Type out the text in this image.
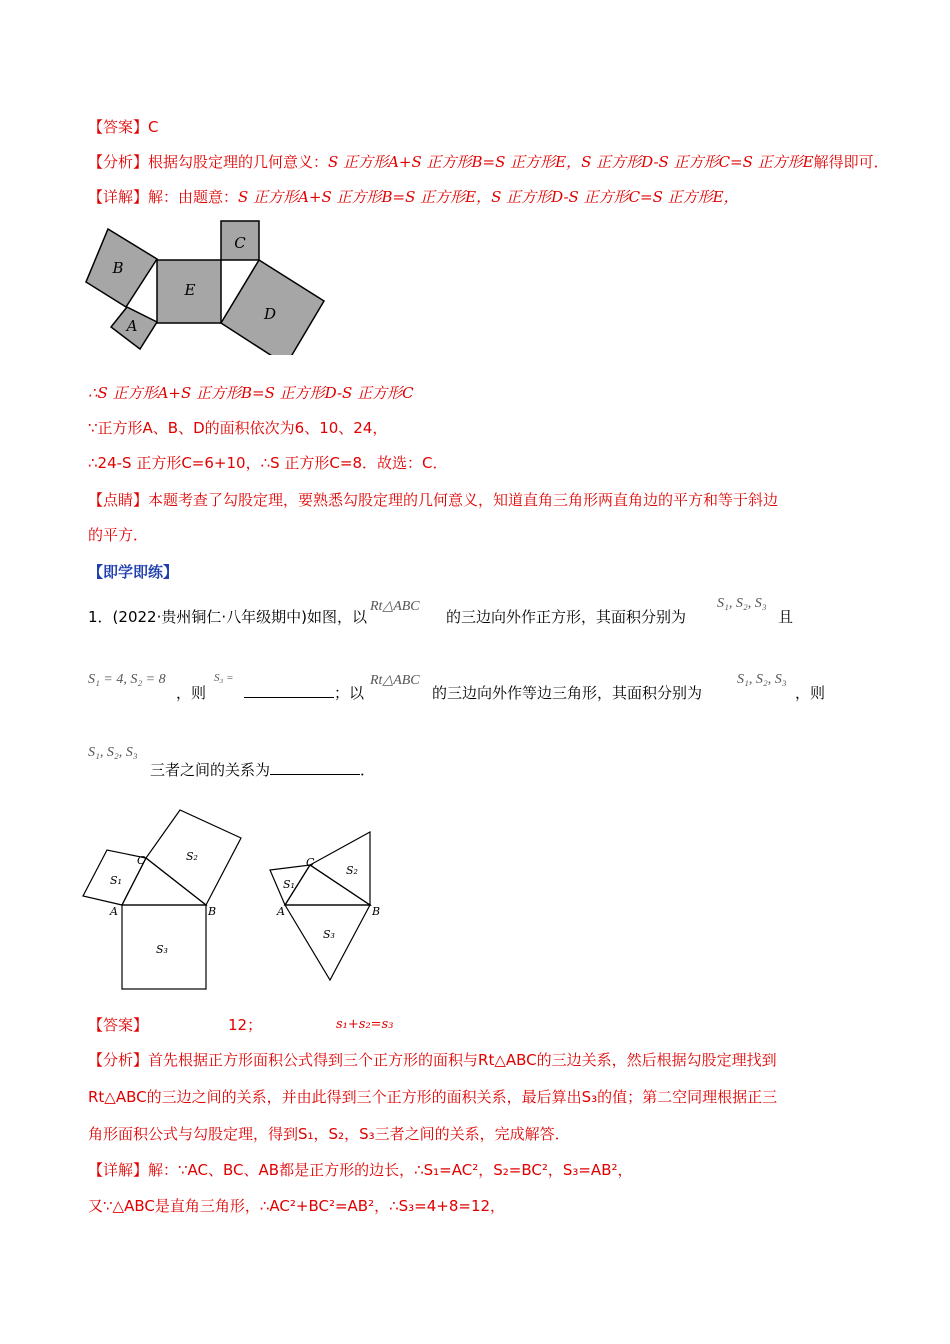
【答案】C
【分析】根据勾股定理的几何意义：S 正方形A+S 正方形B=S 正方形E，S 正方形D-S 正方形C=S 正方形E解得即可．
【详解】解：由题意：S 正方形A+S 正方形B=S 正方形E，S 正方形D-S 正方形C=S 正方形E，
B
A
E
C
D
∴S 正方形A+S 正方形B=S 正方形D-S 正方形C
∵正方形A、B、D的面积依次为6、10、24，
∴24-S 正方形C=6+10，∴S 正方形C=8．故选：C．
【点睛】本题考查了勾股定理，要熟悉勾股定理的几何意义，知道直角三角形两直角边的平方和等于斜边
的平方．
【即学即练】
1．(2022·贵州铜仁·八年级期中)如图，以
Rt△ABC
的三边向外作正方形，其面积分别为
S₁, S₂, S₃
且
S₁ = 4, S₂ = 8
，则
S₃ =
；以
Rt△ABC
的三边向外作等边三角形，其面积分别为
S₁, S₂, S₃
，则
S₁, S₂, S₃
三者之间的关系为	．
C
S₁
S₂
A	B
S₃
C
S₁
S₂
A	B
S₃
【答案】	12；	s₁+s₂=s₃
【分析】首先根据正方形面积公式得到三个正方形的面积与Rt△ABC的三边关系，然后根据勾股定理找到
Rt△ABC的三边之间的关系，并由此得到三个正方形的面积关系，最后算出S₃的值；第二空同理根据正三
角形面积公式与勾股定理，得到S₁，S₂，S₃三者之间的关系，完成解答．
【详解】解：∵AC、BC、AB都是正方形的边长，∴S₁=AC²，S₂=BC²，S₃=AB²，
又∵△ABC是直角三角形，∴AC²+BC²=AB²，∴S₃=4+8=12，
